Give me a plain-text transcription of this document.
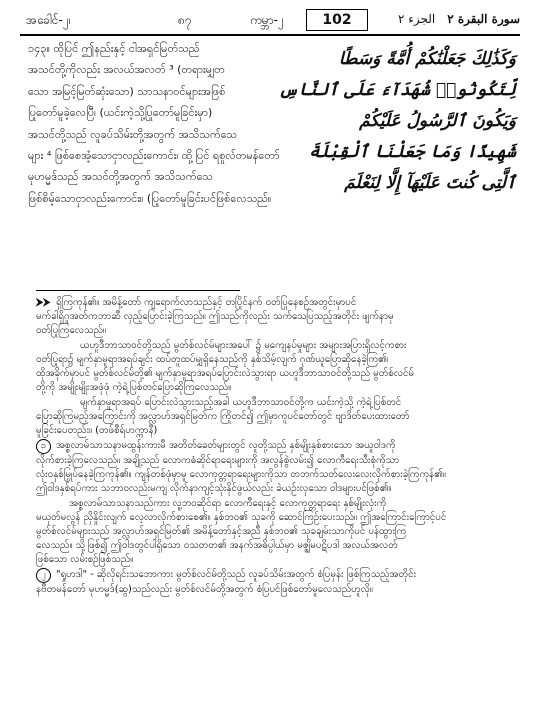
အခေါင်-၂၊	၈၇	ကမ္ဘာ-၂	102	الجزء ٢ سورة البقرة ٢

၁၄၃။ ထိုပြင် ဤနည်းနှင့် ငါအရှင်မြတ်သည်

အသင်တို့ကိုလည်း အလယ်အလတ် ³ (တရားမျှတ

သော အမြင့်မြတ်ဆုံးသော) သာသနာဝင်များအဖြစ်

ပြုတော်မူခဲ့လေပြီ၊ (ယင်းကဲ့သို့ပြုတော်မူခြင်းမှာ)

အသင်တို့သည် လူခပ်သိမ်းတို့အတွက် အသိသက်သေ

များ ⁴ ဖြစ်စေအံ့သောငှာလည်းကောင်း၊ ထို့ပြင် ရစူလ်တမန်တော်

မုဟမ္မဒ်သည် အသင်တို့အတွက် အသိသက်သေ

ဖြစ်စိမ့်သောငှာလည်းကောင်း။ (ပြုတော်မူခြင်းပင်ဖြစ်လေသည်။

وَكَذَٰلِكَ جَعَلْنَٰكُمْ أُمَّةً وَسَطًا

لِّتَكُونُوا۟ شُهَدَآءَ عَلَى ٱلنَّاسِ

وَيَكُونَ ٱلرَّسُولُ عَلَيْكُمْ

شَهِيدًا وَمَا جَعَلْنَا ٱلْقِبْلَةَ

ٱلَّتِى كُنتَ عَلَيْهَآ إِلَّا لِنَعْلَمَ

⮞⮞ ရှိကြကုန်၏။ အမိန့်တော် ကျရောက်လာသည်နှင့် တပြိုင်နက် ဝတ်ပြုနေစဉ်အတွင်းမှာပင်

မက်ခါရှိဂူအတ်ကဘာဆီ လှည့်ပြောင်းခဲ့ကြသည်။ ဤသည်ကိုလည်း သက်သေပြသည့်အတိုင်း ဖျက်နာမှ

ဝတ်ပြုကြလေသည်။

ယဟူဒီဘာသာဝင်တို့သည် မွတ်စ်လင်မ်များအပေါ် ၌ မကျေနပ်မှုများ အများအပြားရှိလင့်ကစား

ဝတ်ပြုရာ၌ မျက်နှာမူရာအရပ်ချင်း ထပ်တူထပ်မျှရှိနေသည်ကို နှစ်သိမ့်လျက် ဂုဏ်ယူပြောဆိုနေခဲ့ကြ၏၊

ထိုအခိုက်မှာပင် မွတ်စ်လင်မ်တို့၏ မျက်နှာမူရာအရပ်ပြောင်းလဲသွားရာ ယဟူဒီဘာသာဝင်တို့သည် မွတ်စ်လင်မ်

တို့ကို အမျိုးမျိုးအဖုံဖုံ ကဲ့ရဲ့ပြစ်တင်ပြောဆိုကြလေသည်။

မျက်နှာမူရာအရပ် ပြောင်းလဲသွားသည့်အခါ ယဟူဒီဘာသာဝင်တို့က ယင်းကဲ့သို့ ကဲ့ရဲ့ပြစ်တင်

ပြောဆိုကြမည့်အကြောင်းကို အလ္လာဟ်အရှင်မြတ်က ကြိုတင်၍ ဤမှာကူပင်တော်တွင် ဗျာဒိတ်ပေးထားတော်

မူခြင်းပေတည်း။ (တဖ်စီရ်ဟက္ကာနီ)

၁ အစ္စလာမ်သာသနာမထွန်းကားမီ အတိတ်ခေတ်များတွင် လူတို့သည် နှစ်မျိုးနှစ်စားသော အယူဝါဒကို

လိုက်စားခဲ့ကြလေသည်။ အချို့သည် လောကဓံဆိုင်ရာရေးများကို အလွန်စွဲလမ်း၍ လောကီရေးသီးစုံကိုသာ

လုံးဝနှစ်မြှုပ်နေခဲ့ကြကုန်၏။ ကျန်တစ်ဖုံမှာမူ လောကုတ္တရာရေးများကိုသာ တဘက်သတ်လေးလေးလိုက်စားခဲ့ကြကုန်၏။

ဤဝါဒနှစ်ရပ်ကား သဘာဝလည်းမကျ လိုက်နာကျင့်သုံးနိုင်ဖွယ်လည်း ခဲယဉ်းလှသော ဝါဒများပင်ဖြစ်၏။

အစ္စလာမ်သာသနာသည်ကား လူ့ဘဝဆိုင်ရာ လောကီရေးနှင့် လောကုတ္တရာရေး နှစ်မျိုးလုံးကို

မယုတ်မလွန် ညှိနှိုင်းလျက် လေ့လာလိုက်စားစေ၏။ နှစ်ဘဝ၏ သုခကို ဆောင်ကြဉ်းပေးသည်။ ဤအကြောင်းကြောင့်ပင်

မွတ်စ်လင်မ်များသည် အလ္လာဟ်အရှင်မြတ်၏ အမိန့်တော်နှင့်အညီ နှစ်ဘဝ၏ သုခချမ်းသာကိုပင် ပန်ထွားကြ

လေသည်။ သို့ဖြစ်၍ ဤဝါဒတွင်ပါရှိသော ၀သတတ၏ အနက်အဓိပ္ပါယ်မှာ မဇ္ဈိမပဋိပဒါ အလယ်အလတ်

ဖြစ်သော လမ်းစဉ်ဖြစ်သည်။

၂ "ရှုဟဒါ" - ဆိုလိုရင်းသဘောကား မွတ်စ်လင်မ်တို့သည် လူခပ်သိမ်းအတွက် စံပြမှန်း ဖြစ်ကြသည့်အတိုင်း

နဗီတမန်တော် မုဟမ္မဒ်(ဆွ)သည်လည်း မွတ်စ်လင်မ်တို့အတွက် စံပြပင်ဖြစ်တော်မူလေသည်ဟူလို။
